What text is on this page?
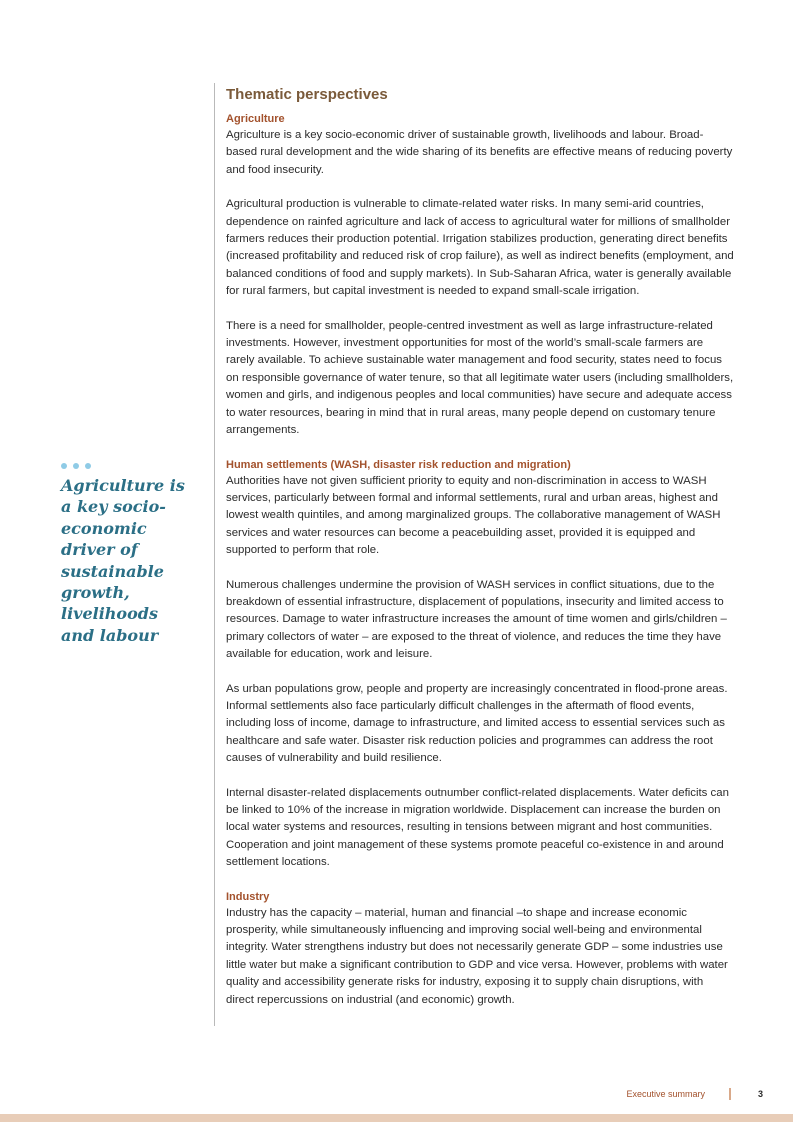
Agriculture is a key socio-economic driver of sustainable growth, livelihoods and labour

Thematic perspectives
Agriculture

Agriculture is a key socio-economic driver of sustainable growth, livelihoods and labour. Broad-based rural development and the wide sharing of its benefits are effective means of reducing poverty and food insecurity.

Agricultural production is vulnerable to climate-related water risks. In many semi-arid countries, dependence on rainfed agriculture and lack of access to agricultural water for millions of smallholder farmers reduces their production potential. Irrigation stabilizes production, generating direct benefits (increased profitability and reduced risk of crop failure), as well as indirect benefits (employment, and balanced conditions of food and supply markets). In Sub-Saharan Africa, water is generally available for rural farmers, but capital investment is needed to expand small-scale irrigation.

There is a need for smallholder, people-centred investment as well as large infrastructure-related investments. However, investment opportunities for most of the world’s small-scale farmers are rarely available. To achieve sustainable water management and food security, states need to focus on responsible governance of water tenure, so that all legitimate water users (including smallholders, women and girls, and indigenous peoples and local communities) have secure and adequate access to water resources, bearing in mind that in rural areas, many people depend on customary tenure arrangements.

Human settlements (WASH, disaster risk reduction and migration)

Authorities have not given sufficient priority to equity and non-discrimination in access to WASH services, particularly between formal and informal settlements, rural and urban areas, highest and lowest wealth quintiles, and among marginalized groups. The collaborative management of WASH services and water resources can become a peacebuilding asset, provided it is equipped and supported to perform that role.

Numerous challenges undermine the provision of WASH services in conflict situations, due to the breakdown of essential infrastructure, displacement of populations, insecurity and limited access to resources. Damage to water infrastructure increases the amount of time women and girls/children – primary collectors of water – are exposed to the threat of violence, and reduces the time they have available for education, work and leisure.

As urban populations grow, people and property are increasingly concentrated in flood-prone areas. Informal settlements also face particularly difficult challenges in the aftermath of flood events, including loss of income, damage to infrastructure, and limited access to essential services such as healthcare and safe water. Disaster risk reduction policies and programmes can address the root causes of vulnerability and build resilience.

Internal disaster-related displacements outnumber conflict-related displacements. Water deficits can be linked to 10% of the increase in migration worldwide. Displacement can increase the burden on local water systems and resources, resulting in tensions between migrant and host communities. Cooperation and joint management of these systems promote peaceful co-existence in and around settlement locations.

Industry

Industry has the capacity – material, human and financial –to shape and increase economic prosperity, while simultaneously influencing and improving social well-being and environmental integrity. Water strengthens industry but does not necessarily generate GDP – some industries use little water but make a significant contribution to GDP and vice versa. However, problems with water quality and accessibility generate risks for industry, exposing it to supply chain disruptions, with direct repercussions on industrial (and economic) growth.

Executive summary	3
